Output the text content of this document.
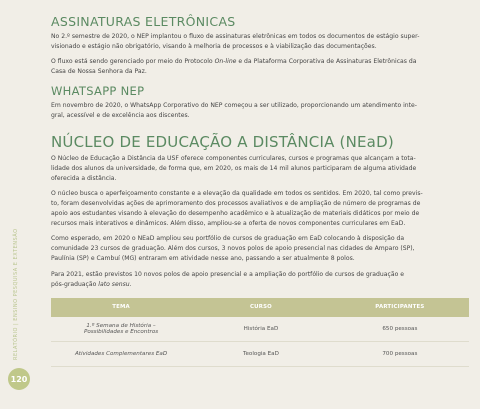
RELATÓRIO | ENSINO PESQUISA E EXTENSÃO
120
ASSINATURAS ELETRÔNICAS

No 2.º semestre de 2020, o NEP implantou o fluxo de assinaturas eletrônicas em todos os documentos de estágio super-
visionado e estágio não obrigatório, visando à melhoria de processos e à viabilização das documentações.

O fluxo está sendo gerenciado por meio do Protocolo On-line e da Plataforma Corporativa de Assinaturas Eletrônicas da
Casa de Nossa Senhora da Paz.

WHATSAPP NEP

Em novembro de 2020, o WhatsApp Corporativo do NEP começou a ser utilizado, proporcionando um atendimento inte-
gral, acessível e de excelência aos discentes.

NÚCLEO DE EDUCAÇÃO A DISTÂNCIA (NEaD)

O Núcleo de Educação a Distância da USF oferece componentes curriculares, cursos e programas que alcançam a tota-
lidade dos alunos da universidade, de forma que, em 2020, os mais de 14 mil alunos participaram de alguma atividade
oferecida a distância.

O núcleo busca o aperfeiçoamento constante e a elevação da qualidade em todos os sentidos. Em 2020, tal como previs-
to, foram desenvolvidas ações de aprimoramento dos processos avaliativos e de ampliação de número de programas de
apoio aos estudantes visando à elevação do desempenho acadêmico e à atualização de materiais didáticos por meio de
recursos mais interativos e dinâmicos. Além disso, ampliou-se a oferta de novos componentes curriculares em EaD.

Como esperado, em 2020 o NEaD ampliou seu portfólio de cursos de graduação em EaD colocando à disposição da
comunidade 23 cursos de graduação. Além dos cursos, 3 novos polos de apoio presencial nas cidades de Amparo (SP),
Paulínia (SP) e Cambuí (MG) entraram em atividade nesse ano, passando a ser atualmente 8 polos.

Para 2021, estão previstos 10 novos polos de apoio presencial e a ampliação do portfólio de cursos de graduação e
pós-graduação lato sensu.

TEMA	CURSO	PARTICIPANTES
1.º Semana de História –
Possibilidades e Encontros	História EaD	650 pessoas
Atividades Complementares EaD	Teologia EaD	700 pessoas
